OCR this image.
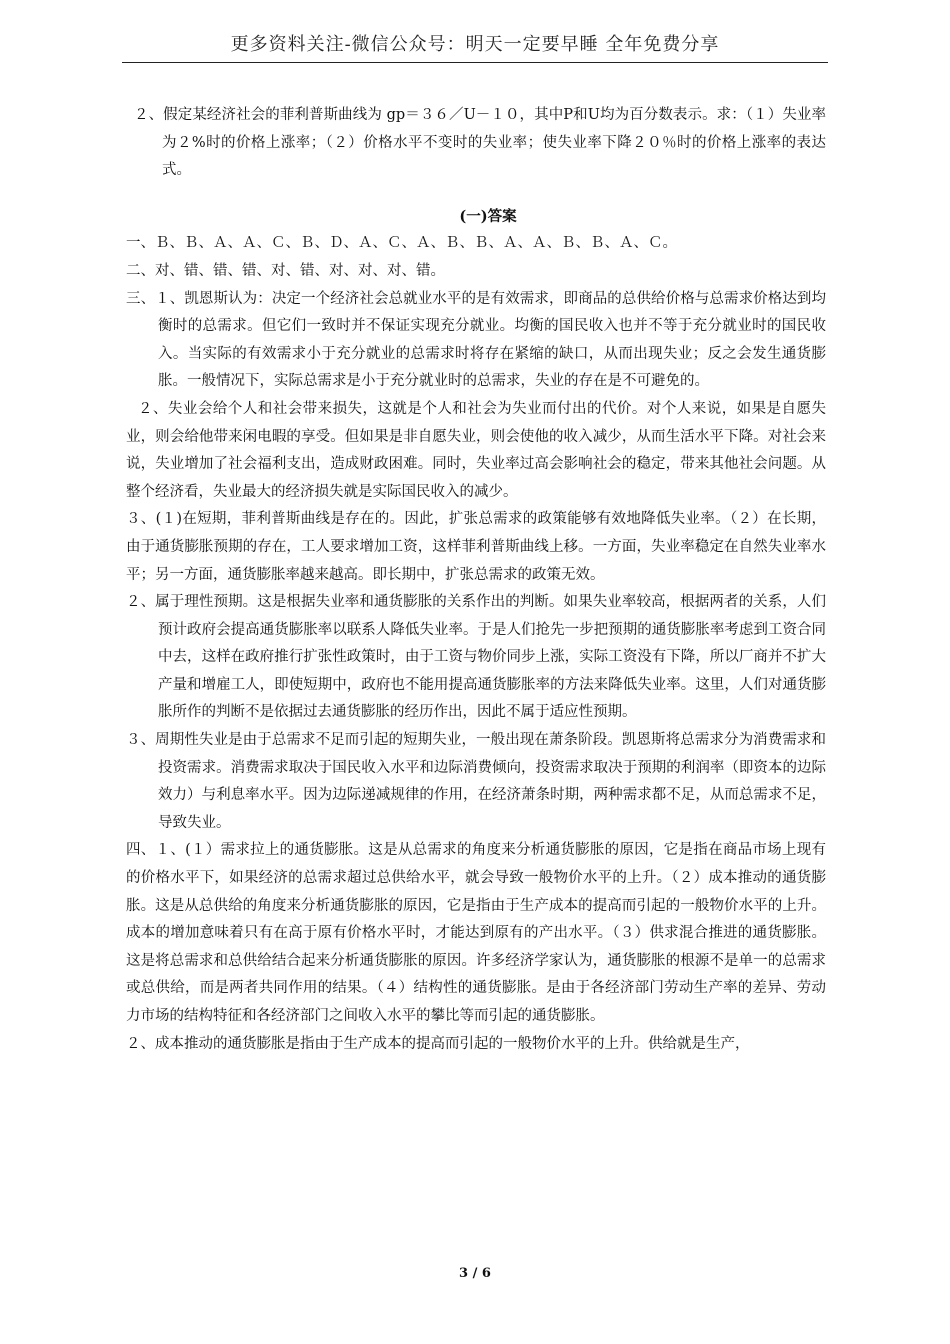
更多资料关注-微信公众号：明天一定要早睡 全年免费分享

２、假定某经济社会的菲利普斯曲线为 gp＝３６／U－１０，其中P和U均为百分数表示。求：（１）失业率为２%时的价格上涨率；（２）价格水平不变时的失业率；使失业率下降２０％时的价格上涨率的表达式。

(一)答案

一、Ｂ、Ｂ、Ａ、Ａ、Ｃ、Ｂ、Ｄ、Ａ、Ｃ、Ａ、Ｂ、Ｂ、Ａ、Ａ、Ｂ、Ｂ、Ａ、Ｃ。

二、对、错、错、错、对、错、对、对、对、错。

三、１、凯恩斯认为：决定一个经济社会总就业水平的是有效需求，即商品的总供给价格与总需求价格达到均衡时的总需求。但它们一致时并不保证实现充分就业。均衡的国民收入也并不等于充分就业时的国民收入。当实际的有效需求小于充分就业的总需求时将存在紧缩的缺口，从而出现失业；反之会发生通货膨胀。一般情况下，实际总需求是小于充分就业时的总需求，失业的存在是不可避免的。

２、失业会给个人和社会带来损失，这就是个人和社会为失业而付出的代价。对个人来说，如果是自愿失业，则会给他带来闲电暇的享受。但如果是非自愿失业，则会使他的收入减少，从而生活水平下降。对社会来说，失业增加了社会福利支出，造成财政困难。同时，失业率过高会影响社会的稳定，带来其他社会问题。从整个经济看，失业最大的经济损失就是实际国民收入的减少。

３、(１)在短期，菲利普斯曲线是存在的。因此，扩张总需求的政策能够有效地降低失业率。（２）在长期，由于通货膨胀预期的存在，工人要求增加工资，这样菲利普斯曲线上移。一方面，失业率稳定在自然失业率水平；另一方面，通货膨胀率越来越高。即长期中，扩张总需求的政策无效。

２、属于理性预期。这是根据失业率和通货膨胀的关系作出的判断。如果失业率较高，根据两者的关系，人们预计政府会提高通货膨胀率以联系人降低失业率。于是人们抢先一步把预期的通货膨胀率考虑到工资合同中去，这样在政府推行扩张性政策时，由于工资与物价同步上涨，实际工资没有下降，所以厂商并不扩大产量和增雇工人，即使短期中，政府也不能用提高通货膨胀率的方法来降低失业率。这里，人们对通货膨胀所作的判断不是依据过去通货膨胀的经历作出，因此不属于适应性预期。

３、周期性失业是由于总需求不足而引起的短期失业，一般出现在萧条阶段。凯恩斯将总需求分为消费需求和投资需求。消费需求取决于国民收入水平和边际消费倾向，投资需求取决于预期的利润率（即资本的边际效力）与利息率水平。因为边际递减规律的作用，在经济萧条时期，两种需求都不足，从而总需求不足，导致失业。

四、１、(１）需求拉上的通货膨胀。这是从总需求的角度来分析通货膨胀的原因，它是指在商品市场上现有的价格水平下，如果经济的总需求超过总供给水平，就会导致一般物价水平的上升。（２）成本推动的通货膨胀。这是从总供给的角度来分析通货膨胀的原因，它是指由于生产成本的提高而引起的一般物价水平的上升。成本的增加意味着只有在高于原有价格水平时，才能达到原有的产出水平。（３）供求混合推进的通货膨胀。这是将总需求和总供给结合起来分析通货膨胀的原因。许多经济学家认为，通货膨胀的根源不是单一的总需求或总供给，而是两者共同作用的结果。（４）结构性的通货膨胀。是由于各经济部门劳动生产率的差异、劳动力市场的结构特征和各经济部门之间收入水平的攀比等而引起的通货膨胀。

２、成本推动的通货膨胀是指由于生产成本的提高而引起的一般物价水平的上升。供给就是生产，

3 / 6
